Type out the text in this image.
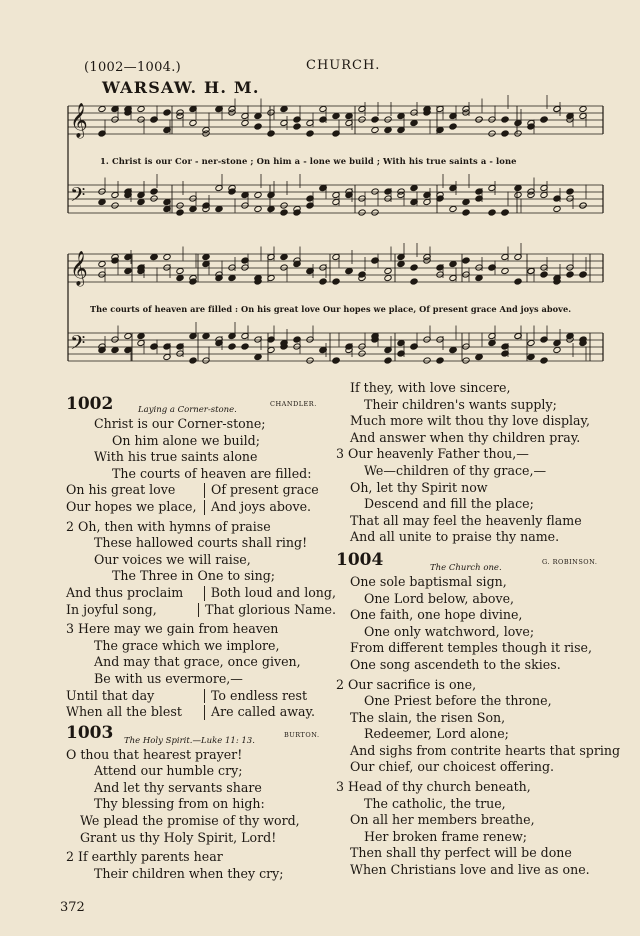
(1002—1004.)	CHURCH.
WARSAW. H. M.
𝄞
𝄢
𝄞
𝄢
1. Christ is our Cor - ner-stone ; On him a - lone we build ; With his true saints a - lone
The courts of heaven are filled : On his great love Our hopes we place, Of present grace And joys above.
1002	Laying a Corner-stone.
CHANDLER.
Christ is our Corner-stone;
On him alone we build;
With his true saints alone
The courts of heaven are filled:
On his great love	Of present grace
Our hopes we place,	And joys above.
2 Oh, then with hymns of praise
These hallowed courts shall ring!
Our voices we will raise,
The Three in One to sing;
And thus proclaim	Both loud and long,
In joyful song,	That glorious Name.
3 Here may we gain from heaven
The grace which we implore,
And may that grace, once given,
Be with us evermore,—
Until that day	To endless rest
When all the blest	Are called away.
1003 The Holy Spirit.—Luke 11: 13.
BURTON.
O thou that hearest prayer!
Attend our humble cry;
And let thy servants share
Thy blessing from on high:
We plead the promise of thy word,
Grant us thy Holy Spirit, Lord!
2 If earthly parents hear
Their children when they cry;
372
If they, with love sincere,
Their children's wants supply;
Much more wilt thou thy love display,
And answer when thy children pray.
3 Our heavenly Father thou,—
We—children of thy grace,—
Oh, let thy Spirit now
Descend and fill the place;
That all may feel the heavenly flame
And all unite to praise thy name.
1004	The Church one.
G. ROBINSON.
One sole baptismal sign,
One Lord below, above,
One faith, one hope divine,
One only watchword, love;
From different temples though it rise,
One song ascendeth to the skies.
2 Our sacrifice is one,
One Priest before the throne,
The slain, the risen Son,
Redeemer, Lord alone;
And sighs from contrite hearts that spring
Our chief, our choicest offering.
3 Head of thy church beneath,
The catholic, the true,
On all her members breathe,
Her broken frame renew;
Then shall thy perfect will be done
When Christians love and live as one.
